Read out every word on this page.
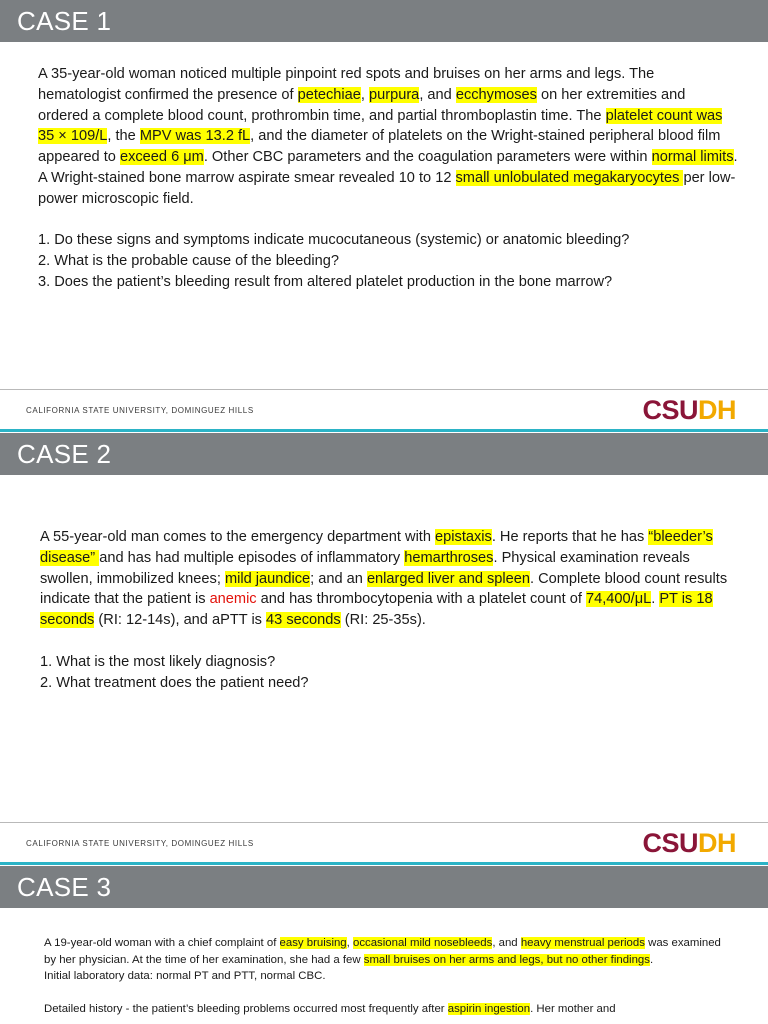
CASE 1

A 35-year-old woman noticed multiple pinpoint red spots and bruises on her arms and legs. The hematologist confirmed the presence of petechiae, purpura, and ecchymoses on her extremities and ordered a complete blood count, prothrombin time, and partial thromboplastin time. The platelet count was 35 × 109/L, the MPV was 13.2 fL, and the diameter of platelets on the Wright-stained peripheral blood film appeared to exceed 6 μm. Other CBC parameters and the coagulation parameters were within normal limits. A Wright-stained bone marrow aspirate smear revealed 10 to 12 small unlobulated megakaryocytes per low-power microscopic field.

1. Do these signs and symptoms indicate mucocutaneous (systemic) or anatomic bleeding?

2. What is the probable cause of the bleeding?

3. Does the patient’s bleeding result from altered platelet production in the bone marrow?

CALIFORNIA STATE UNIVERSITY, DOMINGUEZ HILLS	CSUDH
CASE 2

A 55-year-old man comes to the emergency department with epistaxis. He reports that he has “bleeder’s disease” and has had multiple episodes of inflammatory hemarthroses. Physical examination reveals swollen, immobilized knees; mild jaundice; and an enlarged liver and spleen. Complete blood count results indicate that the patient is anemic and has thrombocytopenia with a platelet count of 74,400/μL. PT is 18 seconds (RI: 12-14s), and aPTT is 43 seconds (RI: 25-35s).

1. What is the most likely diagnosis?

2. What treatment does the patient need?

CALIFORNIA STATE UNIVERSITY, DOMINGUEZ HILLS	CSUDH
CASE 3

A 19-year-old woman with a chief complaint of easy bruising, occasional mild nosebleeds, and heavy menstrual periods was examined by her physician. At the time of her examination, she had a few small bruises on her arms and legs, but no other findings.

Initial laboratory data: normal PT and PTT, normal CBC.

Detailed history - the patient’s bleeding problems occurred most frequently after aspirin ingestion. Her mother and
